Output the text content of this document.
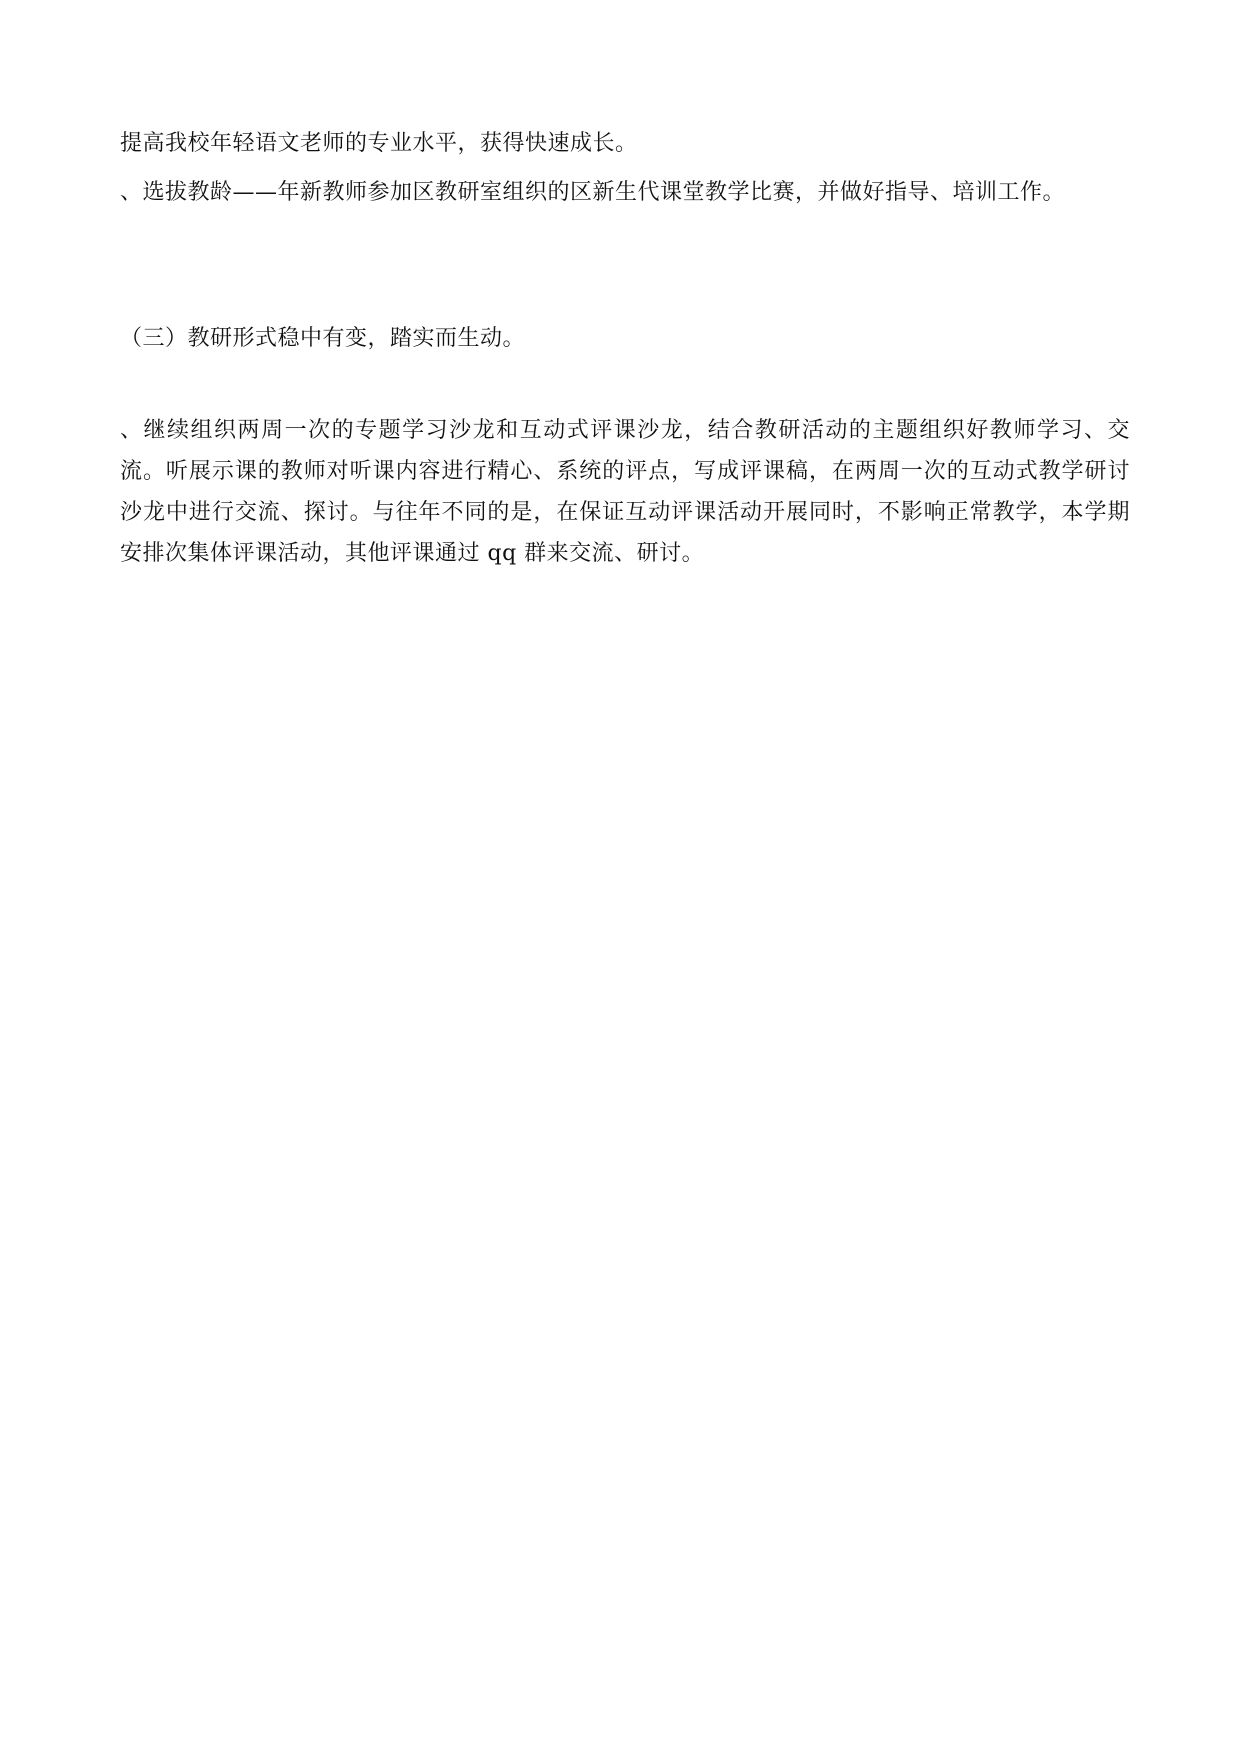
提高我校年轻语文老师的专业水平，获得快速成长。

、选拔教龄——年新教师参加区教研室组织的区新生代课堂教学比赛，并做好指导、培训工作。

（三）教研形式稳中有变，踏实而生动。

、继续组织两周一次的专题学习沙龙和互动式评课沙龙，结合教研活动的主题组织好教师学习、交流。听展示课的教师对听课内容进行精心、系统的评点，写成评课稿，在两周一次的互动式教学研讨沙龙中进行交流、探讨。与往年不同的是，在保证互动评课活动开展同时，不影响正常教学，本学期安排次集体评课活动，其他评课通过 qq 群来交流、研讨。
